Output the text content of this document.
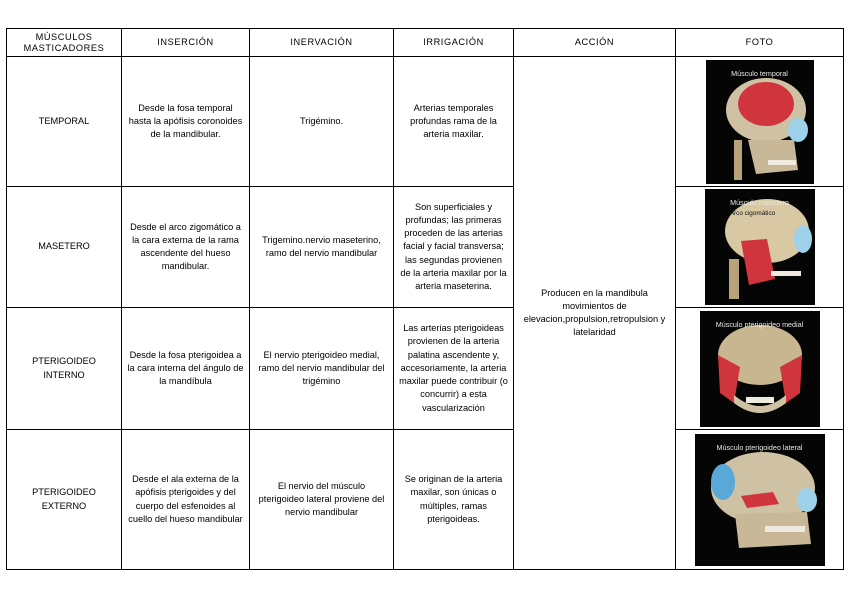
MÚSCULOS MASTICADORES	INSERCIÓN	INERVACIÓN	IRRIGACIÓN	ACCIÓN	FOTO
TEMPORAL	Desde la fosa temporal hasta la apófisis coronoides de la mandibular.	Trigémino.	Arterias temporales profundas rama de la arteria maxilar.	Producen en la mandibula movimientos de elevacion,propulsion,retropulsion y latelaridad	Músculo temporal

MASETERO	Desde el arco zigomático a la cara externa de la rama ascendente del hueso mandibular.	Trigemino.nervio maseterino, ramo del nervio mandibular	Son superficiales y profundas; las primeras proceden de las arterias facial y facial transversa; las segundas provienen de la arteria maxilar por la arteria maseterina.		Músculo masetero
Arco cigomático

PTERIGOIDEO INTERNO	Desde la fosa pterigoidea a la cara interna del ángulo de la mandíbula	El nervio pterigoideo medial, ramo del nervio mandibular del trigémino	Las arterias pterigoideas provienen de la arteria palatina ascendente y, accesoriamente, la arteria maxilar puede contribuir (o concurrir) a esta vascularización		Músculo pterigoideo medial

PTERIGOIDEO EXTERNO	Desde el ala externa de la apófisis pterigoides y del cuerpo del esfenoides al cuello del hueso mandibular	El nervio del músculo pterigoideo lateral proviene del nervio mandibular	Se originan de la arteria maxilar, son únicas o múltiples, ramas pterigoideas.		Músculo pterigoideo lateral
